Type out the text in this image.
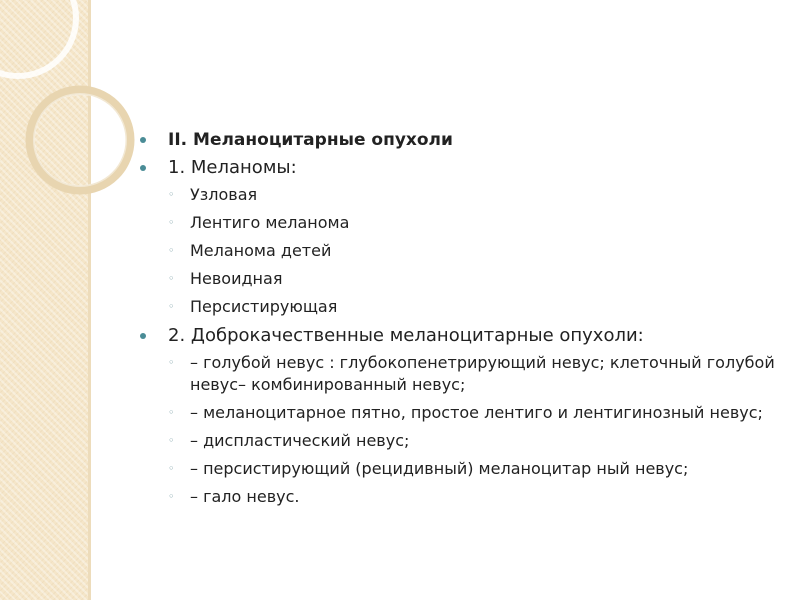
II. Меланоцитарные опухоли
1. Меланомы:
◦ Узловая
◦ Лентиго меланома
◦ Меланома детей
◦ Невоидная
◦ Персистирующая
2. Доброкачественные меланоцитарные опухоли:
◦ – голубой невус : глубокопенетрирующий невус; клеточный голубой невус– комбинированный невус;
◦ – меланоцитарное пятно, простое лентиго и лентигинозный невус;
◦ – диспластический невус;
◦ – персистирующий (рецидивный) меланоцитар ный невус;
◦ – гало невус.
